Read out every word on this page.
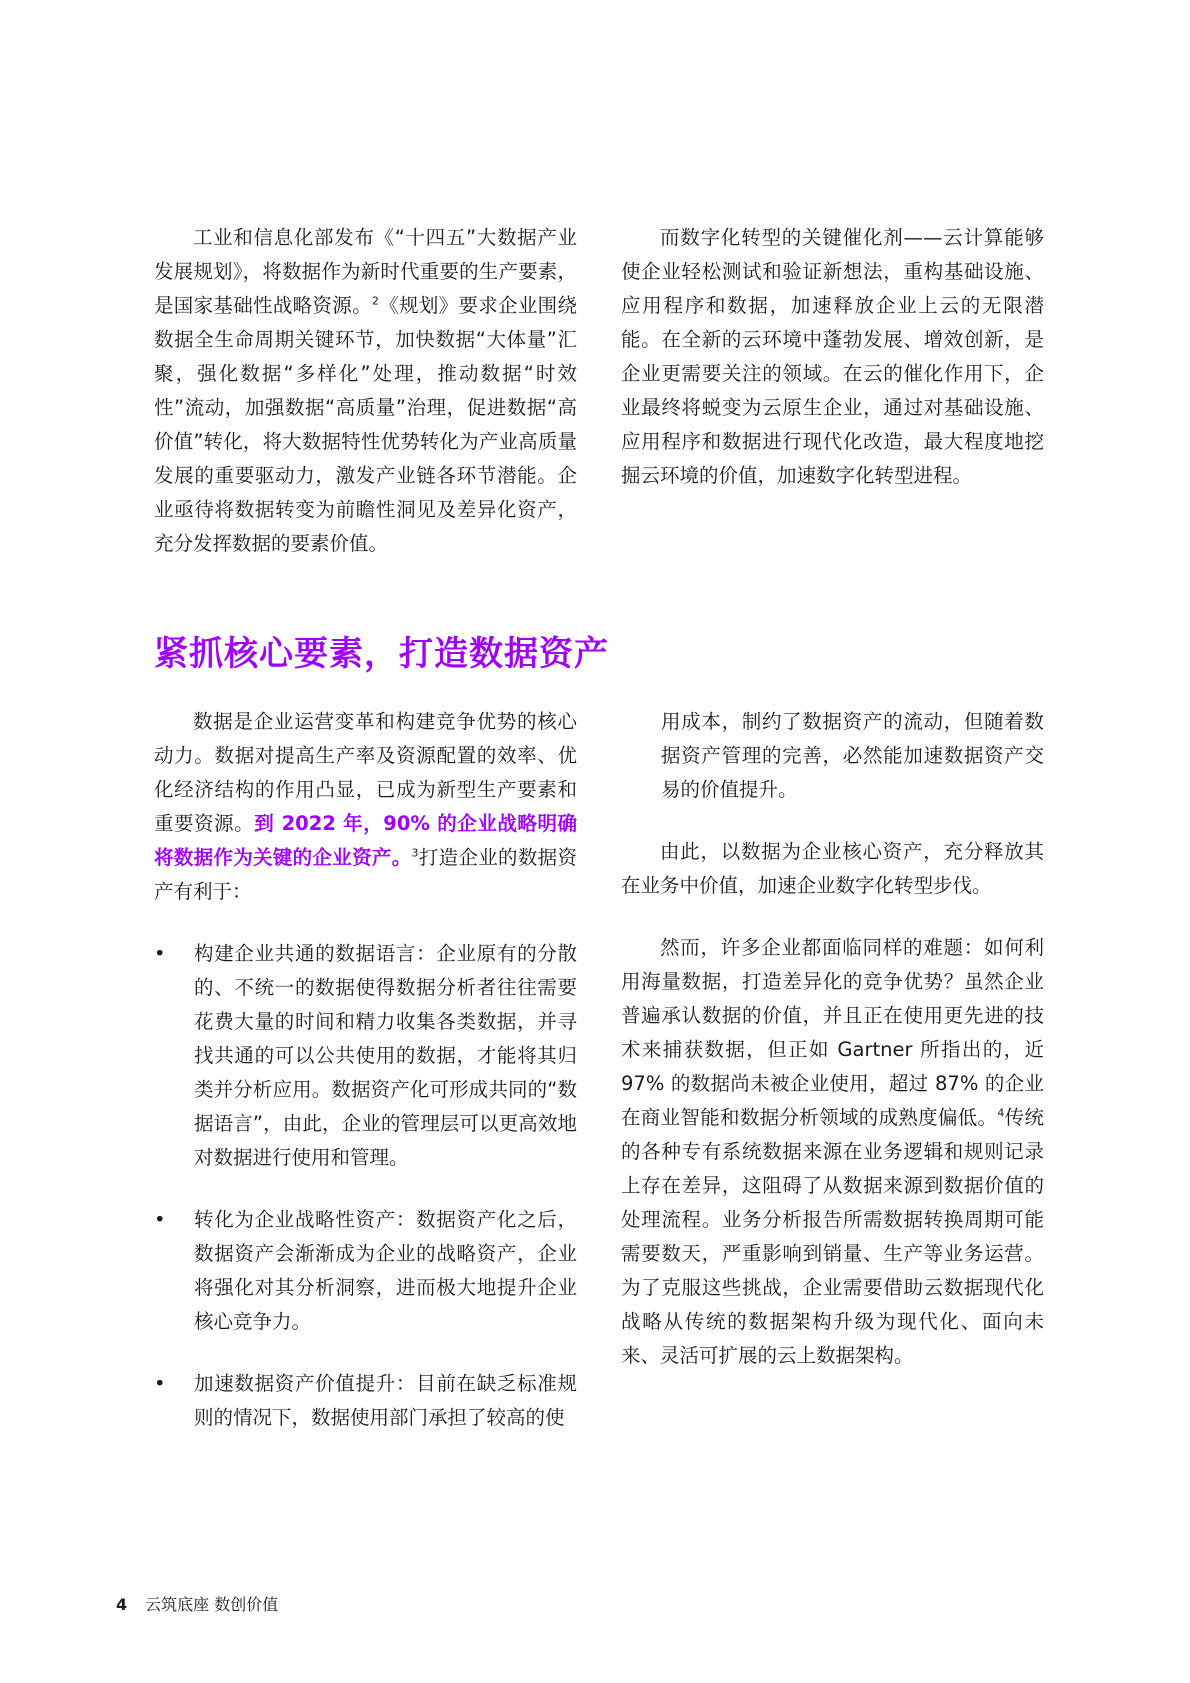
工业和信息化部发布《“十四五”大数据产业发展规划》，将数据作为新时代重要的生产要素，是国家基础性战略资源。$^2$《规划》要求企业围绕数据全生命周期关键环节，加快数据“大体量”汇聚，强化数据“多样化”处理，推动数据“时效性”流动，加强数据“高质量”治理，促进数据“高价值”转化，将大数据特性优势转化为产业高质量发展的重要驱动力，激发产业链各环节潜能。企业亟待将数据转变为前瞻性洞见及差异化资产，充分发挥数据的要素价值。

而数字化转型的关键催化剂——云计算能够使企业轻松测试和验证新想法，重构基础设施、应用程序和数据，加速释放企业上云的无限潜能。在全新的云环境中蓬勃发展、增效创新，是企业更需要关注的领域。在云的催化作用下，企业最终将蜕变为云原生企业，通过对基础设施、应用程序和数据进行现代化改造，最大程度地挖掘云环境的价值，加速数字化转型进程。

紧抓核心要素，打造数据资产

数据是企业运营变革和构建竞争优势的核心动力。数据对提高生产率及资源配置的效率、优化经济结构的作用凸显，已成为新型生产要素和重要资源。到 2022 年，90% 的企业战略明确将数据作为关键的企业资产。$^3$打造企业的数据资产有利于：

• 构建企业共通的数据语言：企业原有的分散的、不统一的数据使得数据分析者往往需要花费大量的时间和精力收集各类数据，并寻找共通的可以公共使用的数据，才能将其归类并分析应用。数据资产化可形成共同的“数据语言”，由此，企业的管理层可以更高效地对数据进行使用和管理。
• 转化为企业战略性资产：数据资产化之后，数据资产会渐渐成为企业的战略资产，企业将强化对其分析洞察，进而极大地提升企业核心竞争力。
• 加速数据资产价值提升：目前在缺乏标准规则的情况下，数据使用部门承担了较高的使

用成本，制约了数据资产的流动，但随着数据资产管理的完善，必然能加速数据资产交易的价值提升。

由此，以数据为企业核心资产，充分释放其在业务中价值，加速企业数字化转型步伐。

然而，许多企业都面临同样的难题：如何利用海量数据，打造差异化的竞争优势？虽然企业普遍承认数据的价值，并且正在使用更先进的技术来捕获数据，但正如 Gartner 所指出的，近 97% 的数据尚未被企业使用，超过 87% 的企业在商业智能和数据分析领域的成熟度偏低。$^4$传统的各种专有系统数据来源在业务逻辑和规则记录上存在差异，这阻碍了从数据来源到数据价值的处理流程。业务分析报告所需数据转换周期可能需要数天，严重影响到销量、生产等业务运营。为了克服这些挑战，企业需要借助云数据现代化战略从传统的数据架构升级为现代化、面向未来、灵活可扩展的云上数据架构。

4 云筑底座 数创价值
